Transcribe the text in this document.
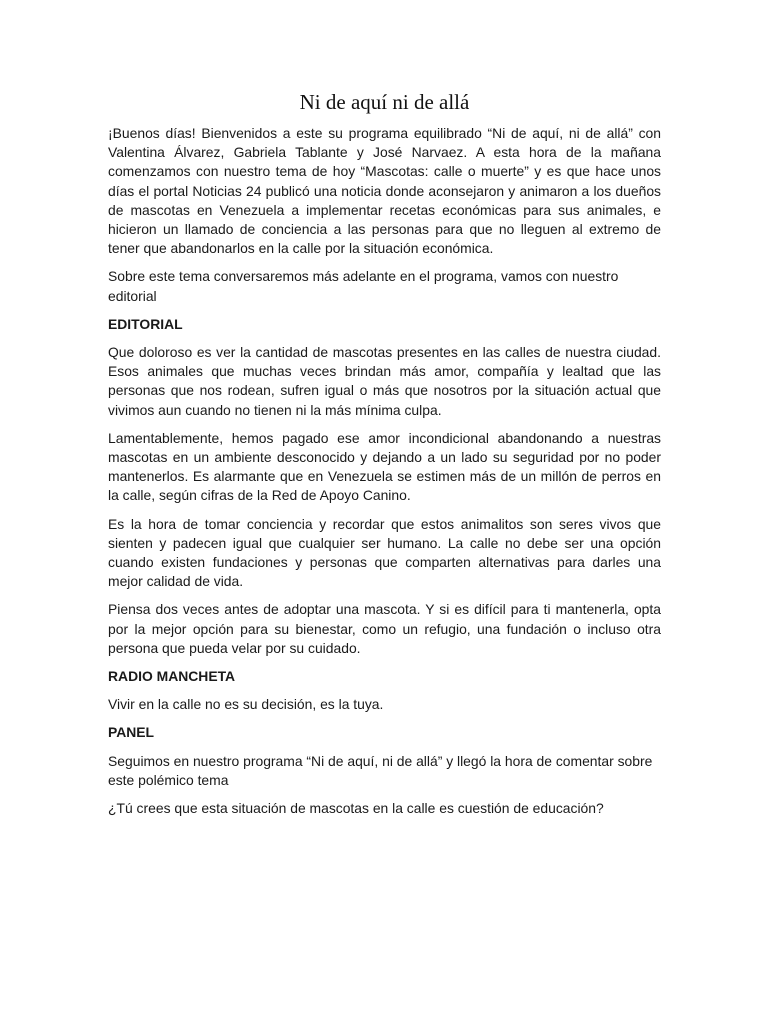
Ni de aquí ni de allá

¡Buenos días! Bienvenidos a este su programa equilibrado “Ni de aquí, ni de allá” con Valentina Álvarez, Gabriela Tablante y José Narvaez. A esta hora de la mañana comenzamos con nuestro tema de hoy “Mascotas: calle o muerte” y es que hace unos días el portal Noticias 24 publicó una noticia donde aconsejaron y animaron a los dueños de mascotas en Venezuela a implementar recetas económicas para sus animales, e hicieron un llamado de conciencia a las personas para que no lleguen al extremo de tener que abandonarlos en la calle por la situación económica.

Sobre este tema conversaremos más adelante en el programa, vamos con nuestro editorial

EDITORIAL

Que doloroso es ver la cantidad de mascotas presentes en las calles de nuestra ciudad. Esos animales que muchas veces brindan más amor, compañía y lealtad que las personas que nos rodean, sufren igual o más que nosotros por la situación actual que vivimos aun cuando no tienen ni la más mínima culpa.

Lamentablemente, hemos pagado ese amor incondicional abandonando a nuestras mascotas en un ambiente desconocido y dejando a un lado su seguridad por no poder mantenerlos. Es alarmante que en Venezuela se estimen más de un millón de perros en la calle, según cifras de la Red de Apoyo Canino.

Es la hora de tomar conciencia y recordar que estos animalitos son seres vivos que sienten y padecen igual que cualquier ser humano. La calle no debe ser una opción cuando existen fundaciones y personas que comparten alternativas para darles una mejor calidad de vida.

Piensa dos veces antes de adoptar una mascota. Y si es difícil para ti mantenerla, opta por la mejor opción para su bienestar, como un refugio, una fundación o incluso otra persona que pueda velar por su cuidado.

RADIO MANCHETA

Vivir en la calle no es su decisión, es la tuya.

PANEL

Seguimos en nuestro programa “Ni de aquí, ni de allá” y llegó la hora de comentar sobre este polémico tema

¿Tú crees que esta situación de mascotas en la calle es cuestión de educación?
